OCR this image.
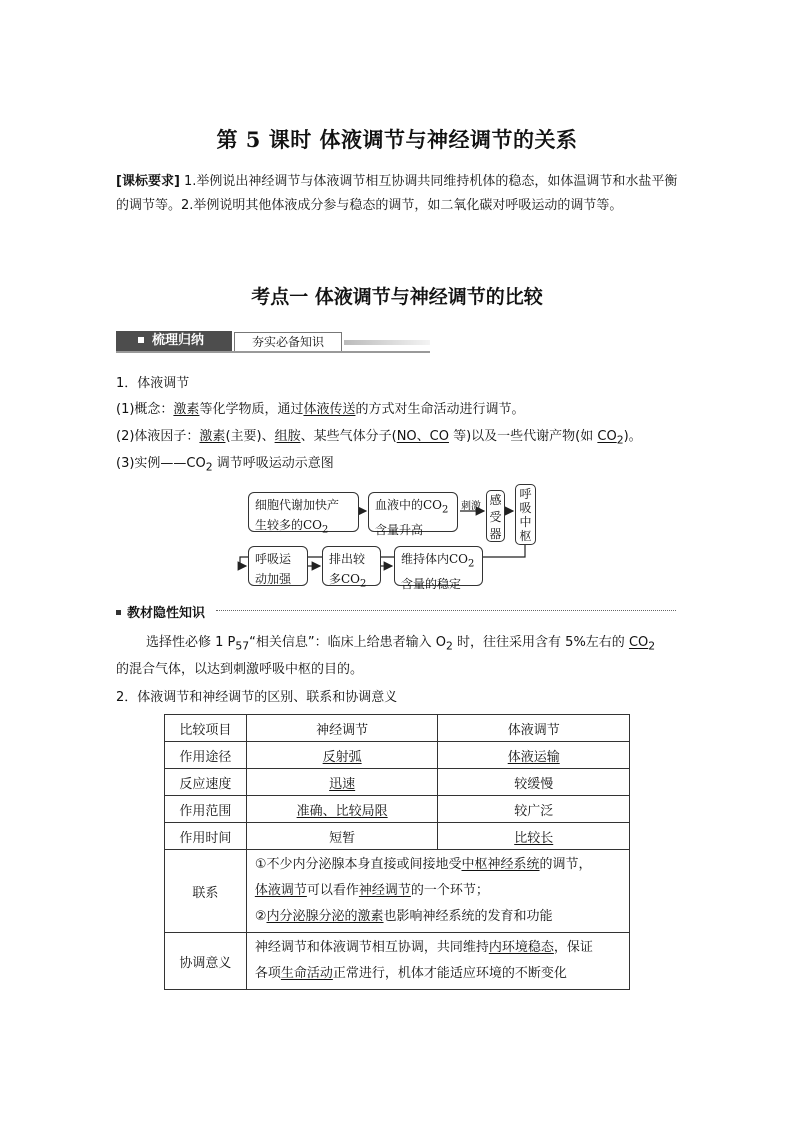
第 5 课时 体液调节与神经调节的关系
[课标要求] 1.举例说出神经调节与体液调节相互协调共同维持机体的稳态，如体温调节和水盐平衡的调节等。2.举例说明其他体液成分参与稳态的调节，如二氧化碳对呼吸运动的调节等。
考点一 体液调节与神经调节的比较
梳理归纳	夯实必备知识
1．体液调节
(1)概念：激素等化学物质，通过体液传送的方式对生命活动进行调节。
(2)体液因子：激素(主要)、组胺、某些气体分子(NO、CO 等)以及一些代谢产物(如 $CO_2$)。
(3)实例$——CO_2$ 调节呼吸运动示意图
细胞代谢加快产
生较多的$CO_2$
血液中的$CO_2$
含量升高
刺激 感
受
器
呼
吸
中
枢
呼吸运
动加强
排出较
多$CO_2$
维持体内$CO_2$
含量的稳定
教材隐性知识
选择性必修 1 $P_{57}“$相关信息”：临床上给患者输入 $O_2$ 时，往往采用含有 5%左右的 $CO_2$
的混合气体，以达到刺激呼吸中枢的目的。
2．体液调节和神经调节的区别、联系和协调意义
比较项目	神经调节	体液调节
作用途径	反射弧	体液运输
反应速度	迅速	较缓慢
作用范围	准确、比较局限	较广泛
作用时间	短暂	比较长
联系	①不少内分泌腺本身直接或间接地受中枢神经系统的调节，
体液调节可以看作神经调节的一个环节；
②内分泌腺分泌的激素也影响神经系统的发育和功能	

协调意义	神经调节和体液调节相互协调，共同维持内环境稳态，保证
各项生命活动正常进行，机体才能适应环境的不断变化	
